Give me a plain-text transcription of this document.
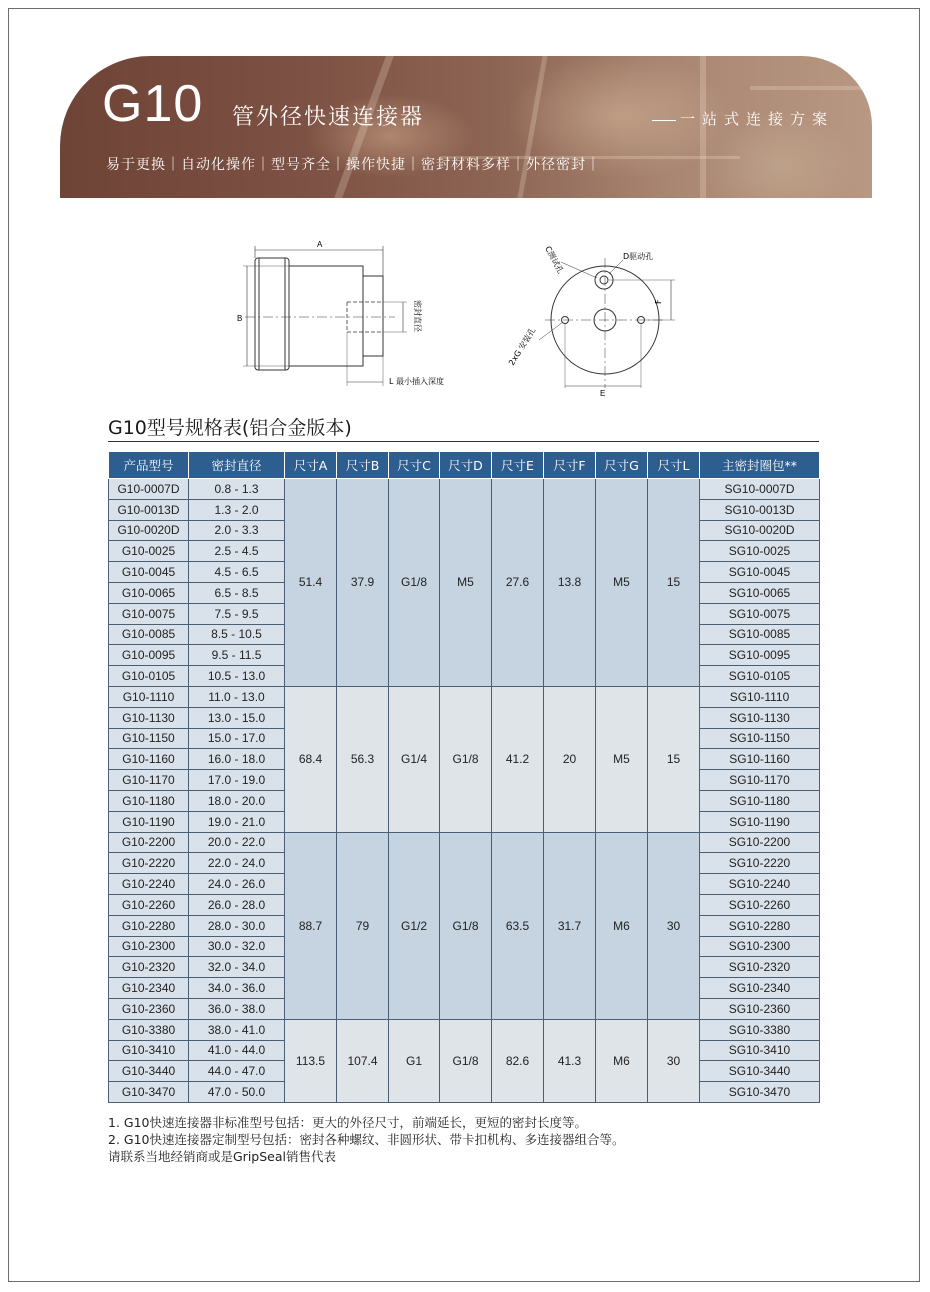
G10 管外径快速连接器	一站式连接方案
易于更换｜自动化操作｜型号齐全｜操作快捷｜密封材料多样｜外径密封｜
A
B	密封直径
L 最小插入深度
C测试孔	D驱动孔
2xG 安装孔
F
E
G10型号规格表(铝合金版本)
产品型号	密封直径	尺寸A	尺寸B	尺寸C	尺寸D	尺寸E	尺寸F	尺寸G	尺寸L	主密封圈包**
G10-0007D	0.8 - 1.3	51.4	37.9	G1/8	M5	27.6	13.8	M5	15	SG10-0007D
G10-0013D	1.3 - 2.0									SG10-0013D
G10-0020D	2.0 - 3.3									SG10-0020D
G10-0025	2.5 - 4.5									SG10-0025
G10-0045	4.5 - 6.5									SG10-0045
G10-0065	6.5 - 8.5									SG10-0065
G10-0075	7.5 - 9.5									SG10-0075
G10-0085	8.5 - 10.5									SG10-0085
G10-0095	9.5 - 11.5									SG10-0095
G10-0105	10.5 - 13.0									SG10-0105
G10-1110	11.0 - 13.0	68.4	56.3	G1/4	G1/8	41.2	20	M5	15	SG10-1110
G10-1130	13.0 - 15.0									SG10-1130
G10-1150	15.0 - 17.0									SG10-1150
G10-1160	16.0 - 18.0									SG10-1160
G10-1170	17.0 - 19.0									SG10-1170
G10-1180	18.0 - 20.0									SG10-1180
G10-1190	19.0 - 21.0									SG10-1190
G10-2200	20.0 - 22.0	88.7	79	G1/2	G1/8	63.5	31.7	M6	30	SG10-2200
G10-2220	22.0 - 24.0									SG10-2220
G10-2240	24.0 - 26.0									SG10-2240
G10-2260	26.0 - 28.0									SG10-2260
G10-2280	28.0 - 30.0									SG10-2280
G10-2300	30.0 - 32.0									SG10-2300
G10-2320	32.0 - 34.0									SG10-2320
G10-2340	34.0 - 36.0									SG10-2340
G10-2360	36.0 - 38.0									SG10-2360
G10-3380	38.0 - 41.0	113.5	107.4	G1	G1/8	82.6	41.3	M6	30	SG10-3380
G10-3410	41.0 - 44.0									SG10-3410
G10-3440	44.0 - 47.0									SG10-3440
G10-3470	47.0 - 50.0									SG10-3470
1. G10快速连接器非标准型号包括：更大的外径尺寸，前端延长，更短的密封长度等。
2. G10快速连接器定制型号包括：密封各种螺纹、非圆形状、带卡扣机构、多连接器组合等。
请联系当地经销商或是GripSeal销售代表
